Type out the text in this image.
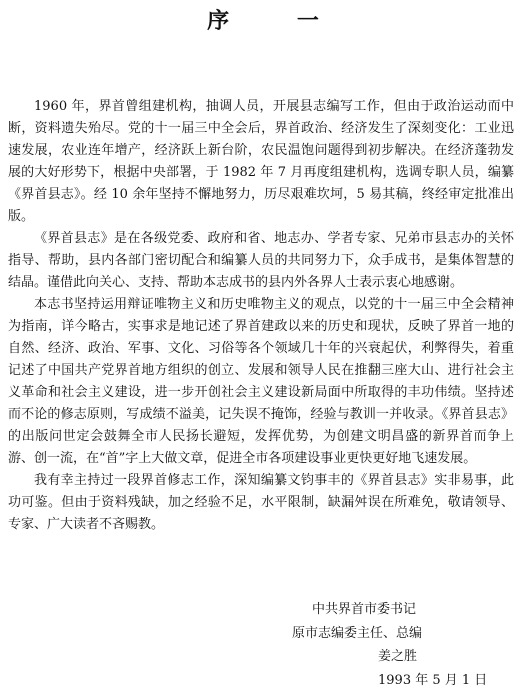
序 一

1960 年，界首曾组建机构，抽调人员，开展县志编写工作，但由于政治运动而中断，资料遗失殆尽。党的十一届三中全会后，界首政治、经济发生了深刻变化：工业迅速发展，农业连年增产，经济跃上新台阶，农民温饱问题得到初步解决。在经济蓬勃发展的大好形势下，根据中央部署，于 1982 年 7 月再度组建机构，选调专职人员，编纂《界首县志》。经 10 余年坚持不懈地努力，历尽艰难坎坷，5 易其稿，终经审定批准出版。

《界首县志》是在各级党委、政府和省、地志办、学者专家、兄弟市县志办的关怀指导、帮助，县内各部门密切配合和编纂人员的共同努力下，众手成书，是集体智慧的结晶。谨借此向关心、支持、帮助本志成书的县内外各界人士表示衷心地感谢。

本志书坚持运用辩证唯物主义和历史唯物主义的观点，以党的十一届三中全会精神为指南，详今略古，实事求是地记述了界首建政以来的历史和现状，反映了界首一地的自然、经济、政治、军事、文化、习俗等各个领域几十年的兴衰起伏，利弊得失，着重记述了中国共产党界首地方组织的创立、发展和领导人民在推翻三座大山、进行社会主义革命和社会主义建设，进一步开创社会主义建设新局面中所取得的丰功伟绩。坚持述而不论的修志原则，写成绩不溢美，记失误不掩饰，经验与教训一并收录。《界首县志》的出版问世定会鼓舞全市人民扬长避短，发挥优势，为创建文明昌盛的新界首而争上游、创一流，在“首”字上大做文章，促进全市各项建设事业更快更好地飞速发展。

我有幸主持过一段界首修志工作，深知编纂文钧事丰的《界首县志》实非易事，此功可鉴。但由于资料残缺，加之经验不足，水平限制，缺漏舛误在所难免，敬请领导、专家、广大读者不吝赐教。

中共界首市委书记
原市志编委主任、总编
姜之胜
1993 年 5 月 1 日
